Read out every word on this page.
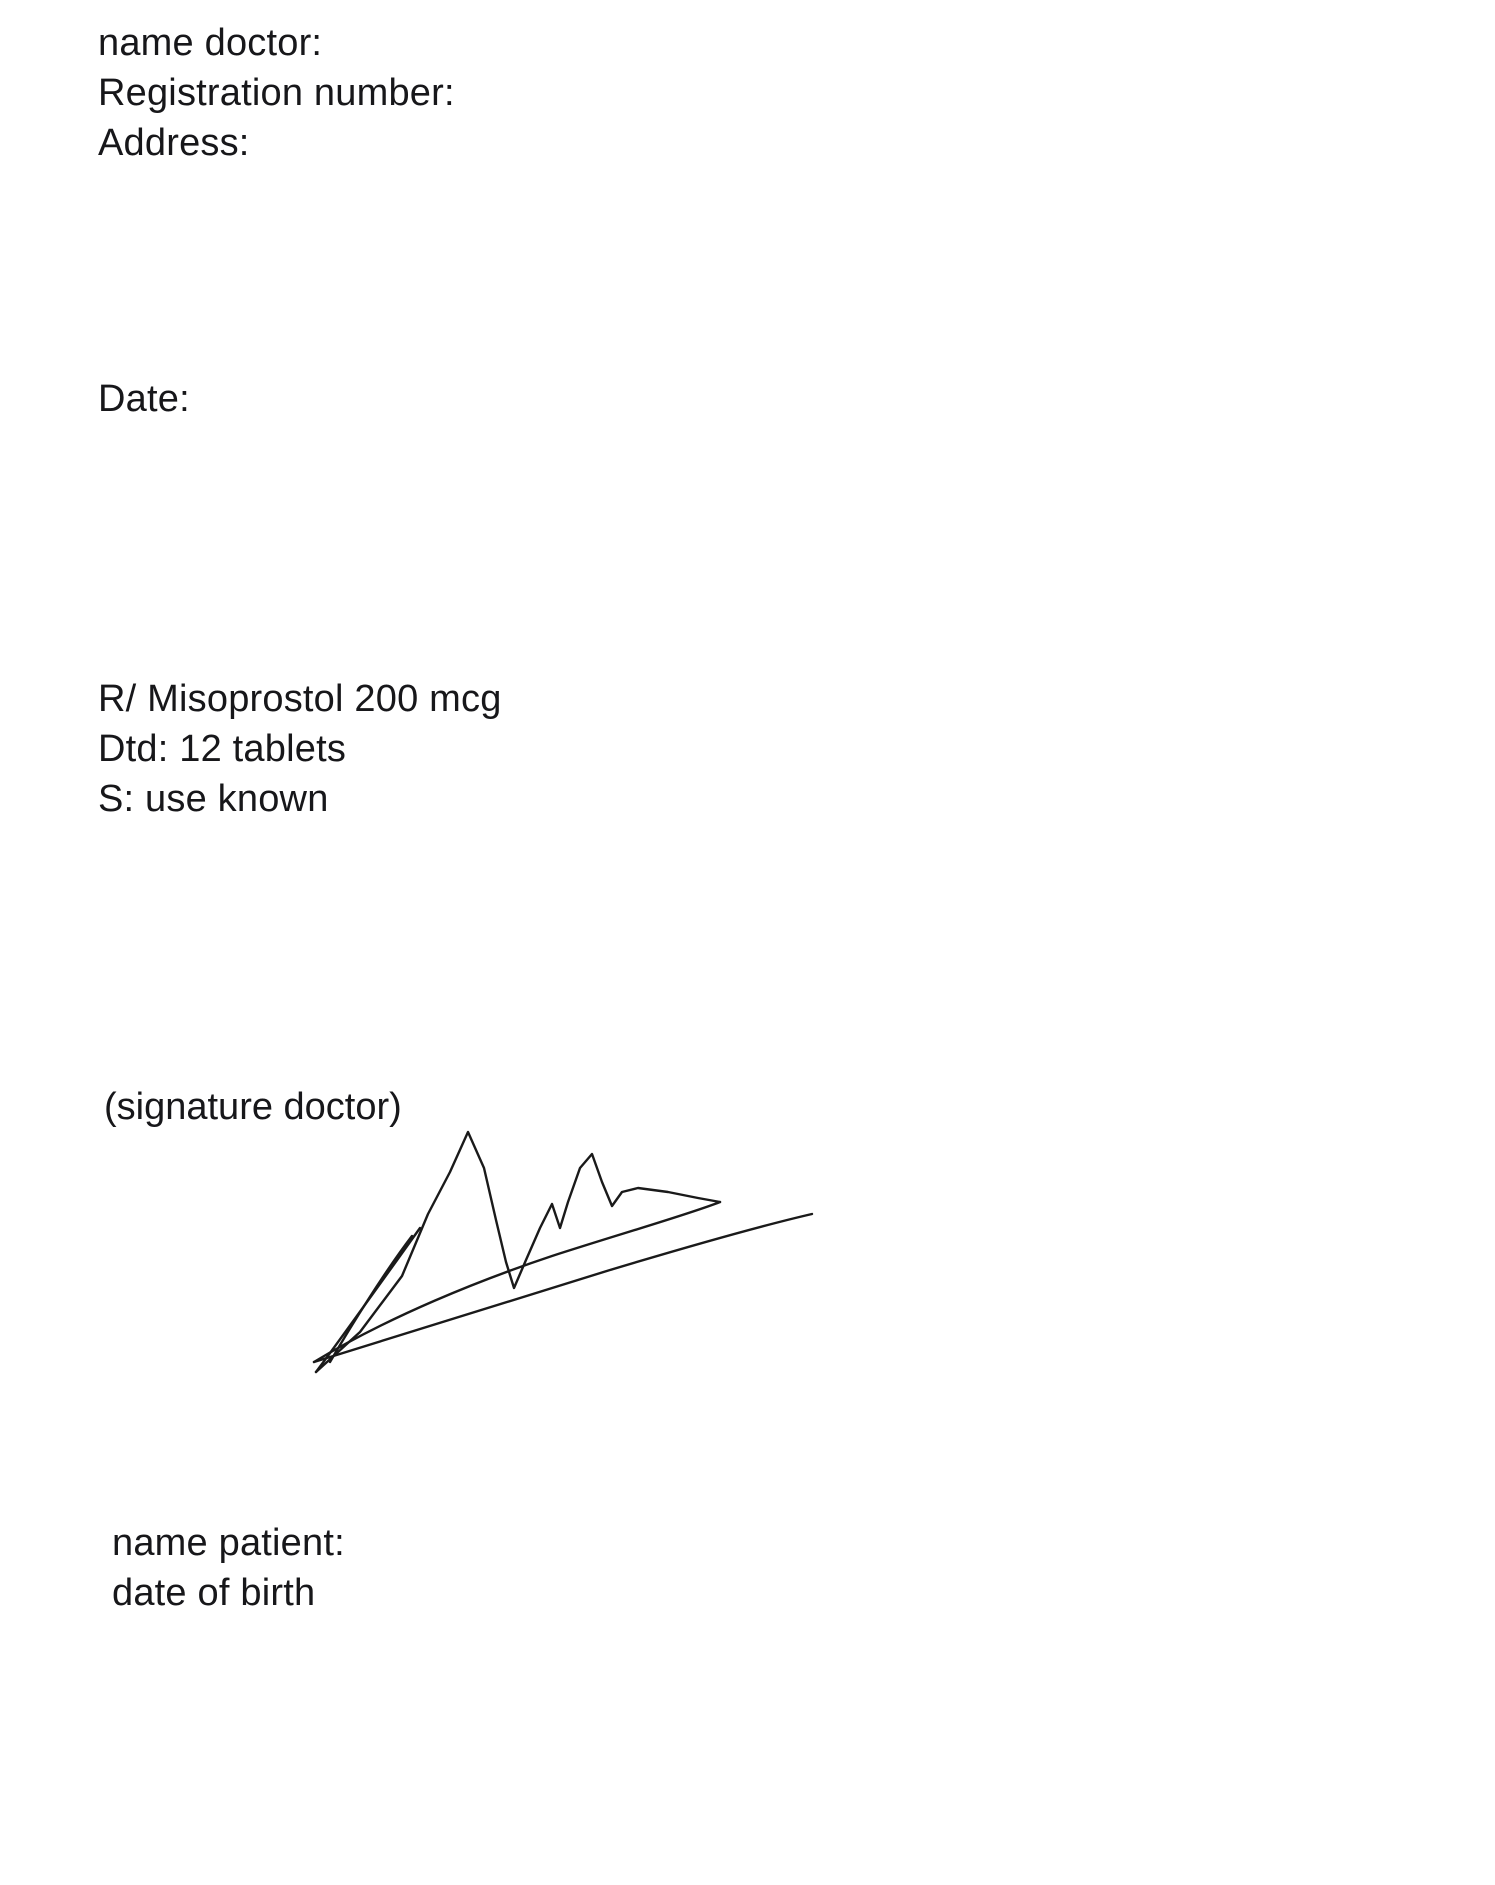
name doctor:
Registration number:
Address:
Date:
R/ Misoprostol 200 mcg
Dtd: 12 tablets
S: use known
(signature doctor)
name patient:
date of birth
